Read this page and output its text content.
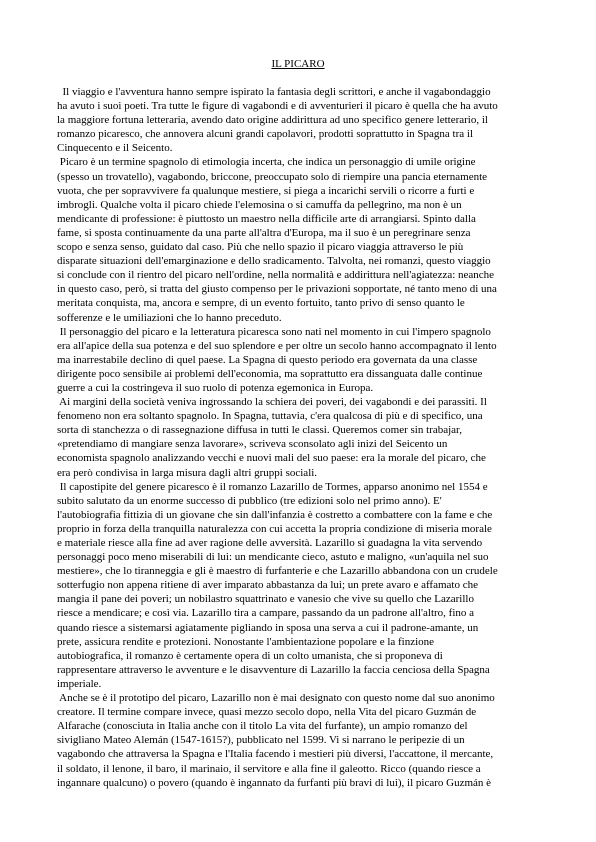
IL PICARO

Il viaggio e l'avventura hanno sempre ispirato la fantasia degli scrittori, e anche il vagabondaggio
ha avuto i suoi poeti. Tra tutte le figure di vagabondi e di avventurieri il picaro è quella che ha avuto
la maggiore fortuna letteraria, avendo dato origine addirittura ad uno specifico genere letterario, il
romanzo picaresco, che annovera alcuni grandi capolavori, prodotti soprattutto in Spagna tra il
Cinquecento e il Seicento.
Picaro è un termine spagnolo di etimologia incerta, che indica un personaggio di umile origine
(spesso un trovatello), vagabondo, briccone, preoccupato solo di riempire una pancia eternamente
vuota, che per sopravvivere fa qualunque mestiere, si piega a incarichi servili o ricorre a furti e
imbrogli. Qualche volta il picaro chiede l'elemosina o si camuffa da pellegrino, ma non è un
mendicante di professione: è piuttosto un maestro nella difficile arte di arrangiarsi. Spinto dalla
fame, si sposta continuamente da una parte all'altra d'Europa, ma il suo è un peregrinare senza
scopo e senza senso, guidato dal caso. Più che nello spazio il picaro viaggia attraverso le più
disparate situazioni dell'emarginazione e dello sradicamento. Talvolta, nei romanzi, questo viaggio
si conclude con il rientro del picaro nell'ordine, nella normalità e addirittura nell'agiatezza: neanche
in questo caso, però, si tratta del giusto compenso per le privazioni sopportate, né tanto meno di una
meritata conquista, ma, ancora e sempre, di un evento fortuito, tanto privo di senso quanto le
sofferenze e le umiliazioni che lo hanno preceduto.
Il personaggio del picaro e la letteratura picaresca sono nati nel momento in cui l'impero spagnolo
era all'apice della sua potenza e del suo splendore e per oltre un secolo hanno accompagnato il lento
ma inarrestabile declino di quel paese. La Spagna di questo periodo era governata da una classe
dirigente poco sensibile ai problemi dell'economia, ma soprattutto era dissanguata dalle continue
guerre a cui la costringeva il suo ruolo di potenza egemonica in Europa.
Ai margini della società veniva ingrossando la schiera dei poveri, dei vagabondi e dei parassiti. Il
fenomeno non era soltanto spagnolo. In Spagna, tuttavia, c'era qualcosa di più e di specifico, una
sorta di stanchezza o di rassegnazione diffusa in tutti le classi. Queremos comer sin trabajar,
«pretendiamo di mangiare senza lavorare», scriveva sconsolato agli inizi del Seicento un
economista spagnolo analizzando vecchi e nuovi mali del suo paese: era la morale del picaro, che
era però condivisa in larga misura dagli altri gruppi sociali.
Il capostipite del genere picaresco è il romanzo Lazarillo de Tormes, apparso anonimo nel 1554 e
subito salutato da un enorme successo di pubblico (tre edizioni solo nel primo anno). E'
l'autobiografia fittizia di un giovane che sin dall'infanzia è costretto a combattere con la fame e che
proprio in forza della tranquilla naturalezza con cui accetta la propria condizione di miseria morale
e materiale riesce alla fine ad aver ragione delle avversità. Lazarillo si guadagna la vita servendo
personaggi poco meno miserabili di lui: un mendicante cieco, astuto e maligno, «un'aquila nel suo
mestiere», che lo tiranneggia e gli è maestro di furfanterie e che Lazarillo abbandona con un crudele
sotterfugio non appena ritiene di aver imparato abbastanza da lui; un prete avaro e affamato che
mangia il pane dei poveri; un nobilastro squattrinato e vanesio che vive su quello che Lazarillo
riesce a mendicare; e così via. Lazarillo tira a campare, passando da un padrone all'altro, fino a
quando riesce a sistemarsi agiatamente pigliando in sposa una serva a cui il padrone-amante, un
prete, assicura rendite e protezioni. Nonostante l'ambientazione popolare e la finzione
autobiografica, il romanzo è certamente opera di un colto umanista, che si proponeva di
rappresentare attraverso le avventure e le disavventure di Lazarillo la faccia cenciosa della Spagna
imperiale.
Anche se è il prototipo del picaro, Lazarillo non è mai designato con questo nome dal suo anonimo
creatore. Il termine compare invece, quasi mezzo secolo dopo, nella Vita del picaro Guzmán de
Alfarache (conosciuta in Italia anche con il titolo La vita del furfante), un ampio romanzo del
sivigliano Mateo Alemán (1547-1615?), pubblicato nel 1599. Vi si narrano le peripezie di un
vagabondo che attraversa la Spagna e l'Italia facendo i mestieri più diversi, l'accattone, il mercante,
il soldato, il lenone, il baro, il marinaio, il servitore e alla fine il galeotto. Ricco (quando riesce a
ingannare qualcuno) o povero (quando è ingannato da furfanti più bravi di lui), il picaro Guzmán è
